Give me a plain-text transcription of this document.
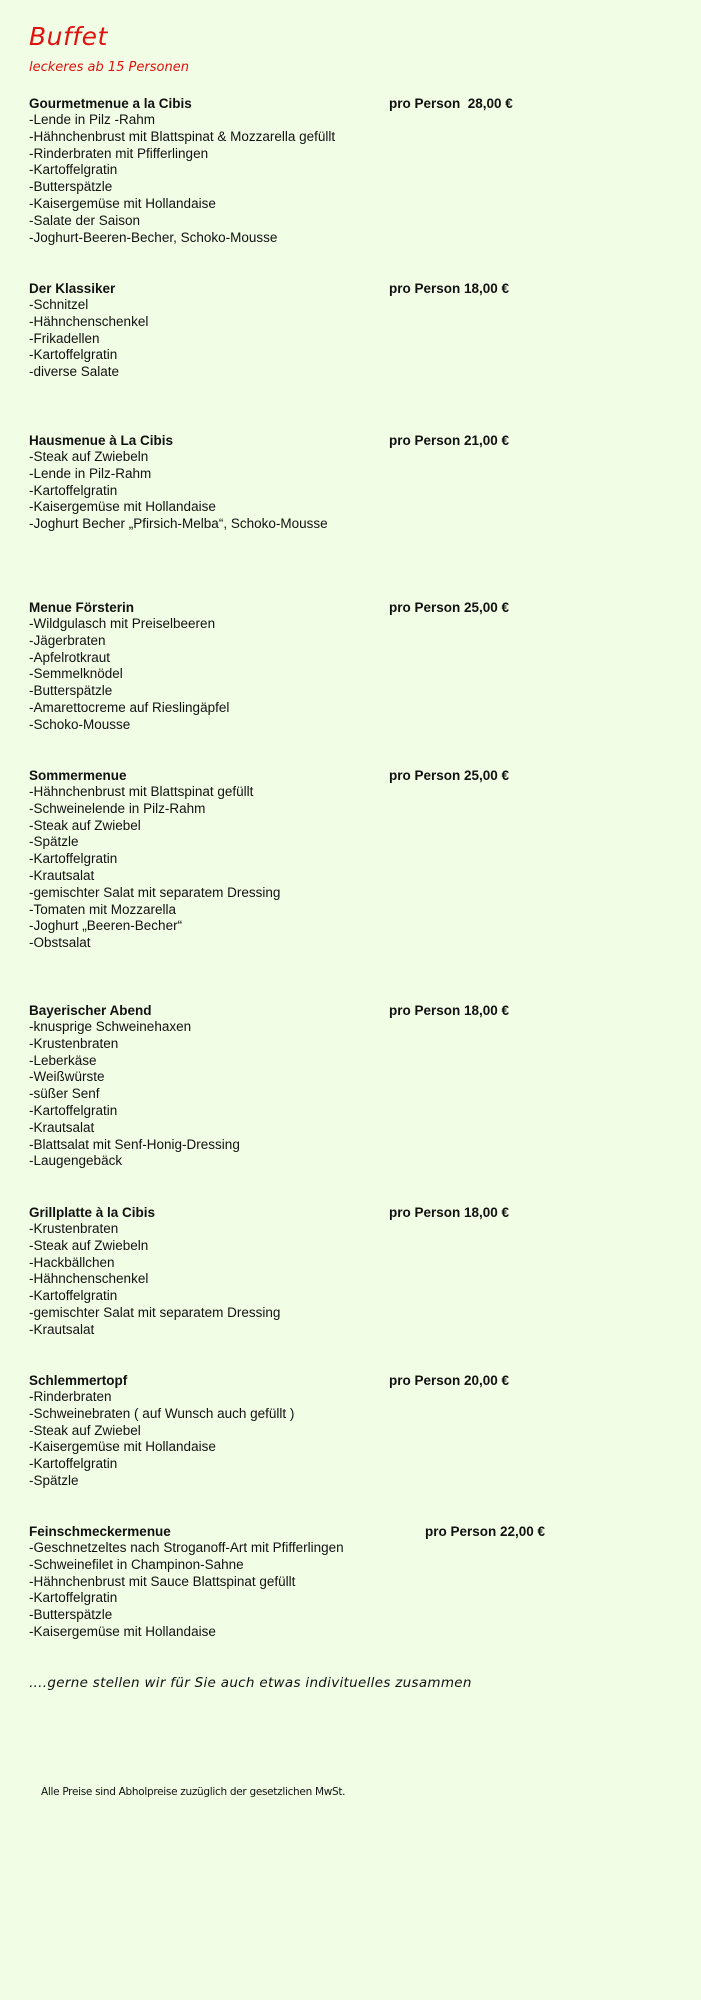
Buffet
leckeres ab 15 Personen
Gourmetmenue a la Cibis	pro Person  28,00 €
-Lende in Pilz -Rahm
-Hähnchenbrust mit Blattspinat & Mozzarella gefüllt
-Rinderbraten mit Pfifferlingen
-Kartoffelgratin
-Butterspätzle
-Kaisergemüse mit Hollandaise
-Salate der Saison
-Joghurt-Beeren-Becher, Schoko-Mousse
Der Klassiker	pro Person 18,00 €
-Schnitzel
-Hähnchenschenkel
-Frikadellen
-Kartoffelgratin
-diverse Salate
Hausmenue à La Cibis	pro Person 21,00 €
-Steak auf Zwiebeln
-Lende in Pilz-Rahm
-Kartoffelgratin
-Kaisergemüse mit Hollandaise
-Joghurt Becher „Pfirsich-Melba“, Schoko-Mousse
Menue Försterin	pro Person 25,00 €
-Wildgulasch mit Preiselbeeren
-Jägerbraten
-Apfelrotkraut
-Semmelknödel
-Butterspätzle
-Amarettocreme auf Rieslingäpfel
-Schoko-Mousse
Sommermenue	pro Person 25,00 €
-Hähnchenbrust mit Blattspinat gefüllt
-Schweinelende in Pilz-Rahm
-Steak auf Zwiebel
-Spätzle
-Kartoffelgratin
-Krautsalat
-gemischter Salat mit separatem Dressing
-Tomaten mit Mozzarella
-Joghurt „Beeren-Becher“
-Obstsalat
Bayerischer Abend	pro Person 18,00 €
-knusprige Schweinehaxen
-Krustenbraten
-Leberkäse
-Weißwürste
-süßer Senf
-Kartoffelgratin
-Krautsalat
-Blattsalat mit Senf-Honig-Dressing
-Laugengebäck
Grillplatte à la Cibis	pro Person 18,00 €
-Krustenbraten
-Steak auf Zwiebeln
-Hackbällchen
-Hähnchenschenkel
-Kartoffelgratin
-gemischter Salat mit separatem Dressing
-Krautsalat
Schlemmertopf	pro Person 20,00 €
-Rinderbraten
-Schweinebraten ( auf Wunsch auch gefüllt )
-Steak auf Zwiebel
-Kaisergemüse mit Hollandaise
-Kartoffelgratin
-Spätzle
Feinschmeckermenue	pro Person 22,00 €
-Geschnetzeltes nach Stroganoff-Art mit Pfifferlingen
-Schweinefilet in Champinon-Sahne
-Hähnchenbrust mit Sauce Blattspinat gefüllt
-Kartoffelgratin
-Butterspätzle
-Kaisergemüse mit Hollandaise
….gerne stellen wir für Sie auch etwas indivituelles zusammen
Alle Preise sind Abholpreise zuzüglich der gesetzlichen MwSt.
